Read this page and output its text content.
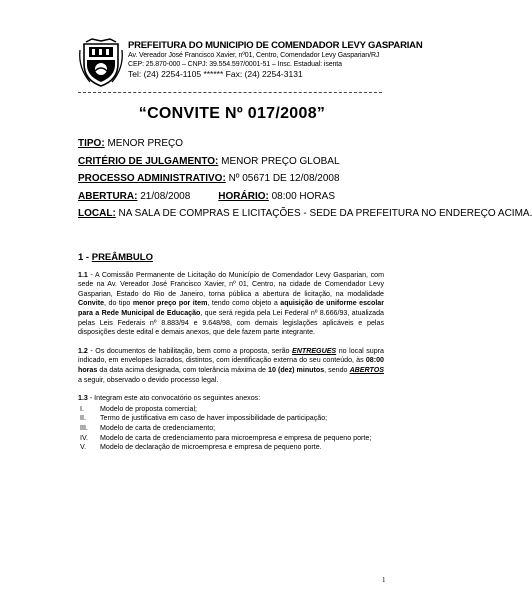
PREFEITURA DO MUNICIPIO DE COMENDADOR LEVY GASPARIAN
Av. Vereador José Francisco Xavier, nº01, Centro, Comendador Levy Gasparian/RJ
CEP: 25.870-000 – CNPJ: 39.554.597/0001-51 – Insc. Estadual: isenta
Tel: (24) 2254-1105 ****** Fax: (24) 2254-3131
“CONVITE Nº 017/2008”
TIPO: MENOR PREÇO
CRITÉRIO DE JULGAMENTO: MENOR PREÇO GLOBAL
PROCESSO ADMINISTRATIVO: Nº 05671 DE 12/08/2008
ABERTURA: 21/08/2008	HORÁRIO: 08:00 HORAS
LOCAL: NA SALA DE COMPRAS E LICITAÇÕES - SEDE DA PREFEITURA NO ENDEREÇO ACIMA.
1 - PREÂMBULO

1.1 - A Comissão Permanente de Licitação do Município de Comendador Levy Gasparian, com sede na Av. Vereador José Francisco Xavier, nº 01, Centro, na cidade de Comendador Levy Gasparian, Estado do Rio de Janeiro, torna pública a abertura de licitação, na modalidade Convite, do tipo menor preço por item, tendo como objeto a aquisição de uniforme escolar para a Rede Municipal de Educação, que será regida pela Lei Federal nº 8.666/93, atualizada pelas Leis Federais nº 8.883/94 e 9.648/98, com demais legislações aplicáveis e pelas disposições deste edital e demais anexos, que dele fazem parte integrante.

1.2 - Os documentos de habilitação, bem como a proposta, serão ENTREGUES no local supra indicado, em envelopes lacrados, distintos, com identificação externa do seu conteúdo, às 08:00 horas da data acima designada, com tolerância máxima de 10 (dez) minutos, sendo ABERTOS a seguir, observado o devido processo legal.

1.3 - Integram este ato convocatório os seguintes anexos:

I.	Modelo de proposta comercial;
II.	Termo de justificativa em caso de haver impossibilidade de participação;
III.	Modelo de carta de credenciamento;
IV.	Modelo de carta de credenciamento para microempresa e empresa de pequeno porte;
V.	Modelo de declaração de microempresa e empresa de pequeno porte.
1
